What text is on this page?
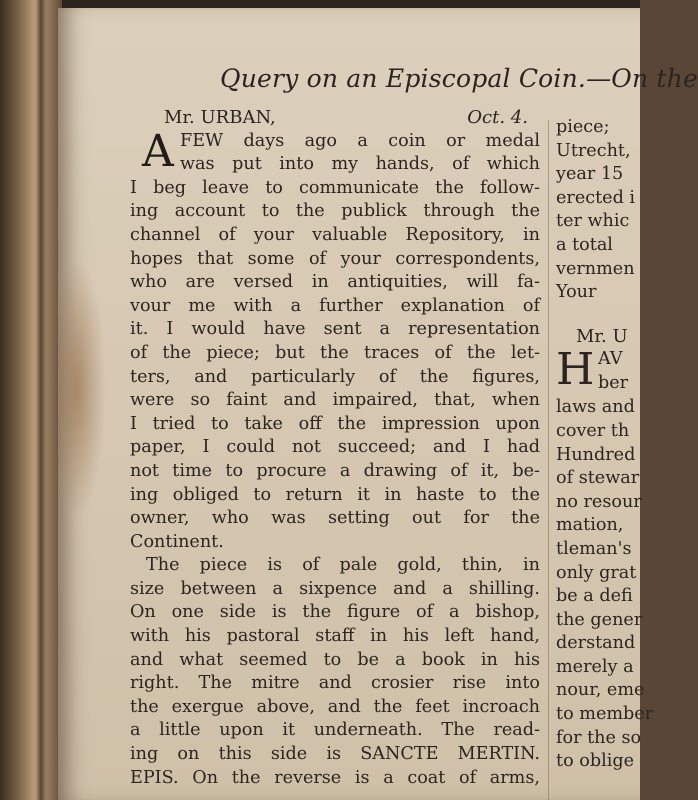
Query on an Episcopal Coin.—On the
Mr. URBAN,	Oct. 4.
A FEW days ago a coin or medal
was put into my hands, of which
I beg leave to communicate the follow-
ing account to the publick through the
channel of your valuable Repository, in
hopes that some of your correspondents,
who are versed in antiquities, will fa-
vour me with a further explanation of
it. I would have sent a representation
of the piece; but the traces of the let-
ters, and particularly of the figures,
were so faint and impaired, that, when
I tried to take off the impression upon
paper, I could not succeed; and I had
not time to procure a drawing of it, be-
ing obliged to return it in haste to the
owner, who was setting out for the
Continent.
The piece is of pale gold, thin, in
size between a sixpence and a shilling.
On one side is the figure of a bishop,
with his pastoral staff in his left hand,
and what seemed to be a book in his
right. The mitre and crosier rise into
the exergue above, and the feet incroach
a little upon it underneath. The read-
ing on this side is SANCTE MERTIN.
EPIS. On the reverse is a coat of arms,
piece;
Utrecht,
year 15
erected i
ter whic
a total
vernmen
Your
Mr. U
H AV
ber
laws and
cover th
Hundred
of stewar
no resour
mation,
tleman's
only grat
be a defi
the gener
derstand
merely a
nour, eme
to member
for the so
to oblige
